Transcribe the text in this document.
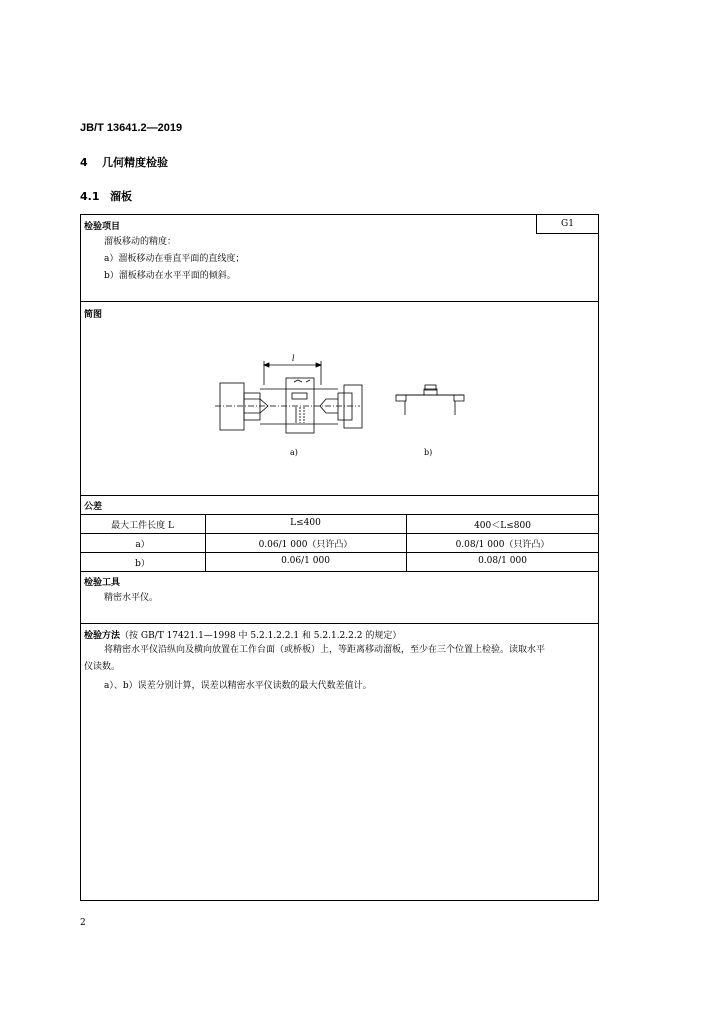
JB/T 13641.2—2019
4 几何精度检验
4.1 溜板
检验项目	G1
溜板移动的精度：
a）溜板移动在垂直平面的直线度；
b）溜板移动在水平平面的倾斜。
简图
l
a)	b)
公差
最大工件长度 L	L≤400	400＜L≤800
a）	0.06/1 000（只许凸）	0.08/1 000（只许凸）
b）	0.06/1 000	0.08/1 000
检验工具
精密水平仪。
检验方法（按 GB/T 17421.1—1998 中 5.2.1.2.2.1 和 5.2.1.2.2.2 的规定）
将精密水平仪沿纵向及横向放置在工作台面（或桥板）上，等距离移动溜板，至少在三个位置上检验。读取水平
仪读数。
a）、b）误差分别计算，误差以精密水平仪读数的最大代数差值计。
2
